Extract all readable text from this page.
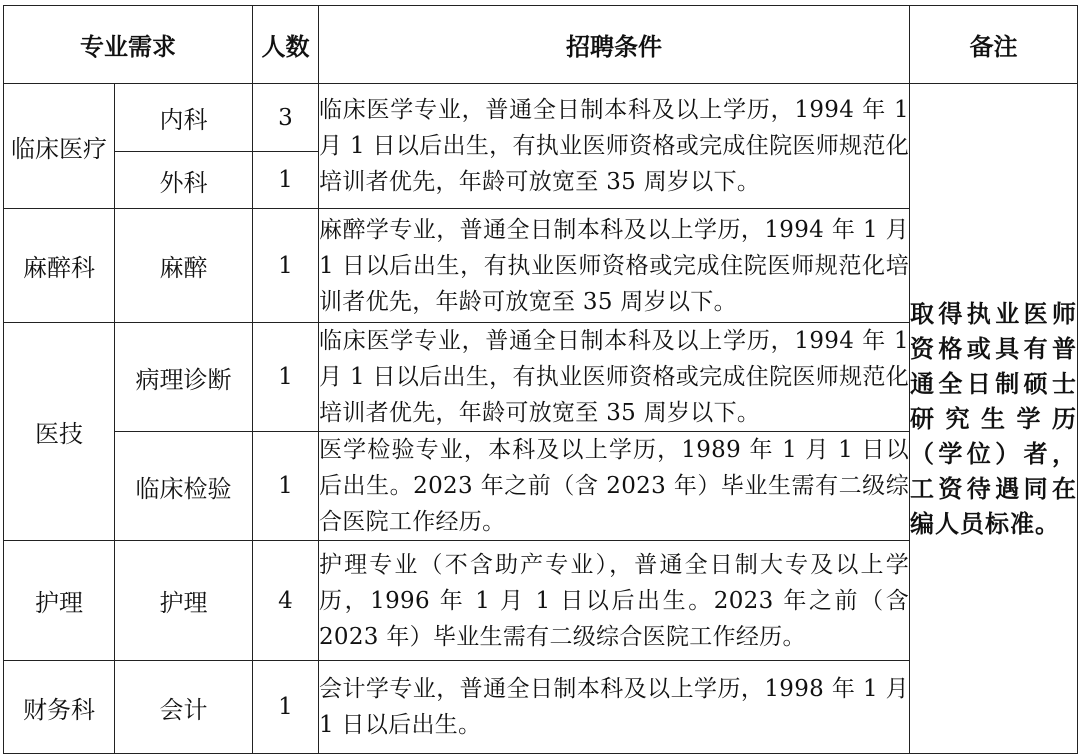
专业需求		人数	招聘条件	备注
临床医疗	内科	3	临床医学专业，普通全日制本科及以上学历，1994 年 1 月 1 日以后出生，有执业医师资格或完成住院医师规范化培训者优先，年龄可放宽至 35 周岁以下。	取得执业医师资格或具有普通全日制硕士研究生学历（学位）者，工资待遇同在编人员标准。
	外科	1		
麻醉科	麻醉	1	麻醉学专业，普通全日制本科及以上学历，1994 年 1 月 1 日以后出生，有执业医师资格或完成住院医师规范化培训者优先，年龄可放宽至 35 周岁以下。	
医技	病理诊断	1	临床医学专业，普通全日制本科及以上学历，1994 年 1 月 1 日以后出生，有执业医师资格或完成住院医师规范化培训者优先，年龄可放宽至 35 周岁以下。	
	临床检验	1	医学检验专业，本科及以上学历，1989 年 1 月 1 日以后出生。2023 年之前（含 2023 年）毕业生需有二级综合医院工作经历。	
护理	护理	4	护理专业（不含助产专业），普通全日制大专及以上学历，1996 年 1 月 1 日以后出生。2023 年之前（含 2023 年）毕业生需有二级综合医院工作经历。	
财务科	会计	1	会计学专业，普通全日制本科及以上学历，1998 年 1 月 1 日以后出生。	
